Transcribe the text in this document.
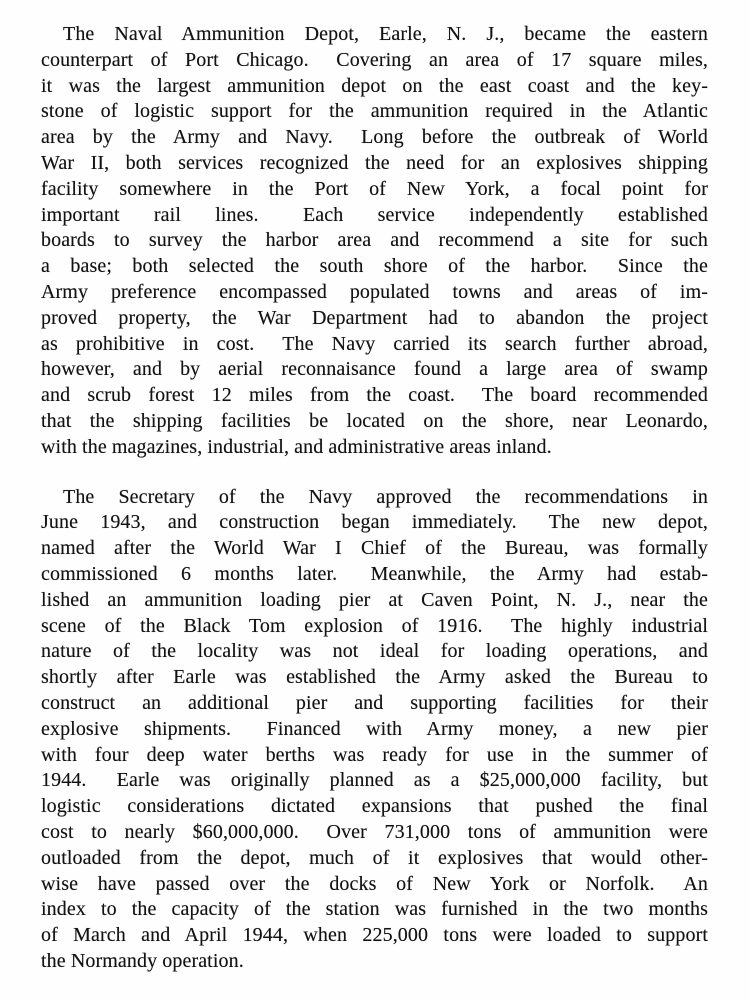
The Naval Ammunition Depot, Earle, N. J., became the eastern
counterpart of Port Chicago.  Covering an area of 17 square miles,
it was the largest ammunition depot on the east coast and the key-
stone of logistic support for the ammunition required in the Atlantic
area by the Army and Navy.  Long before the outbreak of World
War II, both services recognized the need for an explosives shipping
facility somewhere in the Port of New York, a focal point for
important rail lines.  Each service independently established
boards to survey the harbor area and recommend a site for such
a base; both selected the south shore of the harbor.  Since the
Army preference encompassed populated towns and areas of im-
proved property, the War Department had to abandon the project
as prohibitive in cost.  The Navy carried its search further abroad,
however, and by aerial reconnaisance found a large area of swamp
and scrub forest 12 miles from the coast.  The board recommended
that the shipping facilities be located on the shore, near Leonardo,
with the magazines, industrial, and administrative areas inland.
The Secretary of the Navy approved the recommendations in
June 1943, and construction began immediately.  The new depot,
named after the World War I Chief of the Bureau, was formally
commissioned 6 months later.  Meanwhile, the Army had estab-
lished an ammunition loading pier at Caven Point, N. J., near the
scene of the Black Tom explosion of 1916.  The highly industrial
nature of the locality was not ideal for loading operations, and
shortly after Earle was established the Army asked the Bureau to
construct an additional pier and supporting facilities for their
explosive shipments.  Financed with Army money, a new pier
with four deep water berths was ready for use in the summer of
1944.  Earle was originally planned as a $25,000,000 facility, but
logistic considerations dictated expansions that pushed the final
cost to nearly $60,000,000.  Over 731,000 tons of ammunition were
outloaded from the depot, much of it explosives that would other-
wise have passed over the docks of New York or Norfolk.  An
index to the capacity of the station was furnished in the two months
of March and April 1944, when 225,000 tons were loaded to support
the Normandy operation.
